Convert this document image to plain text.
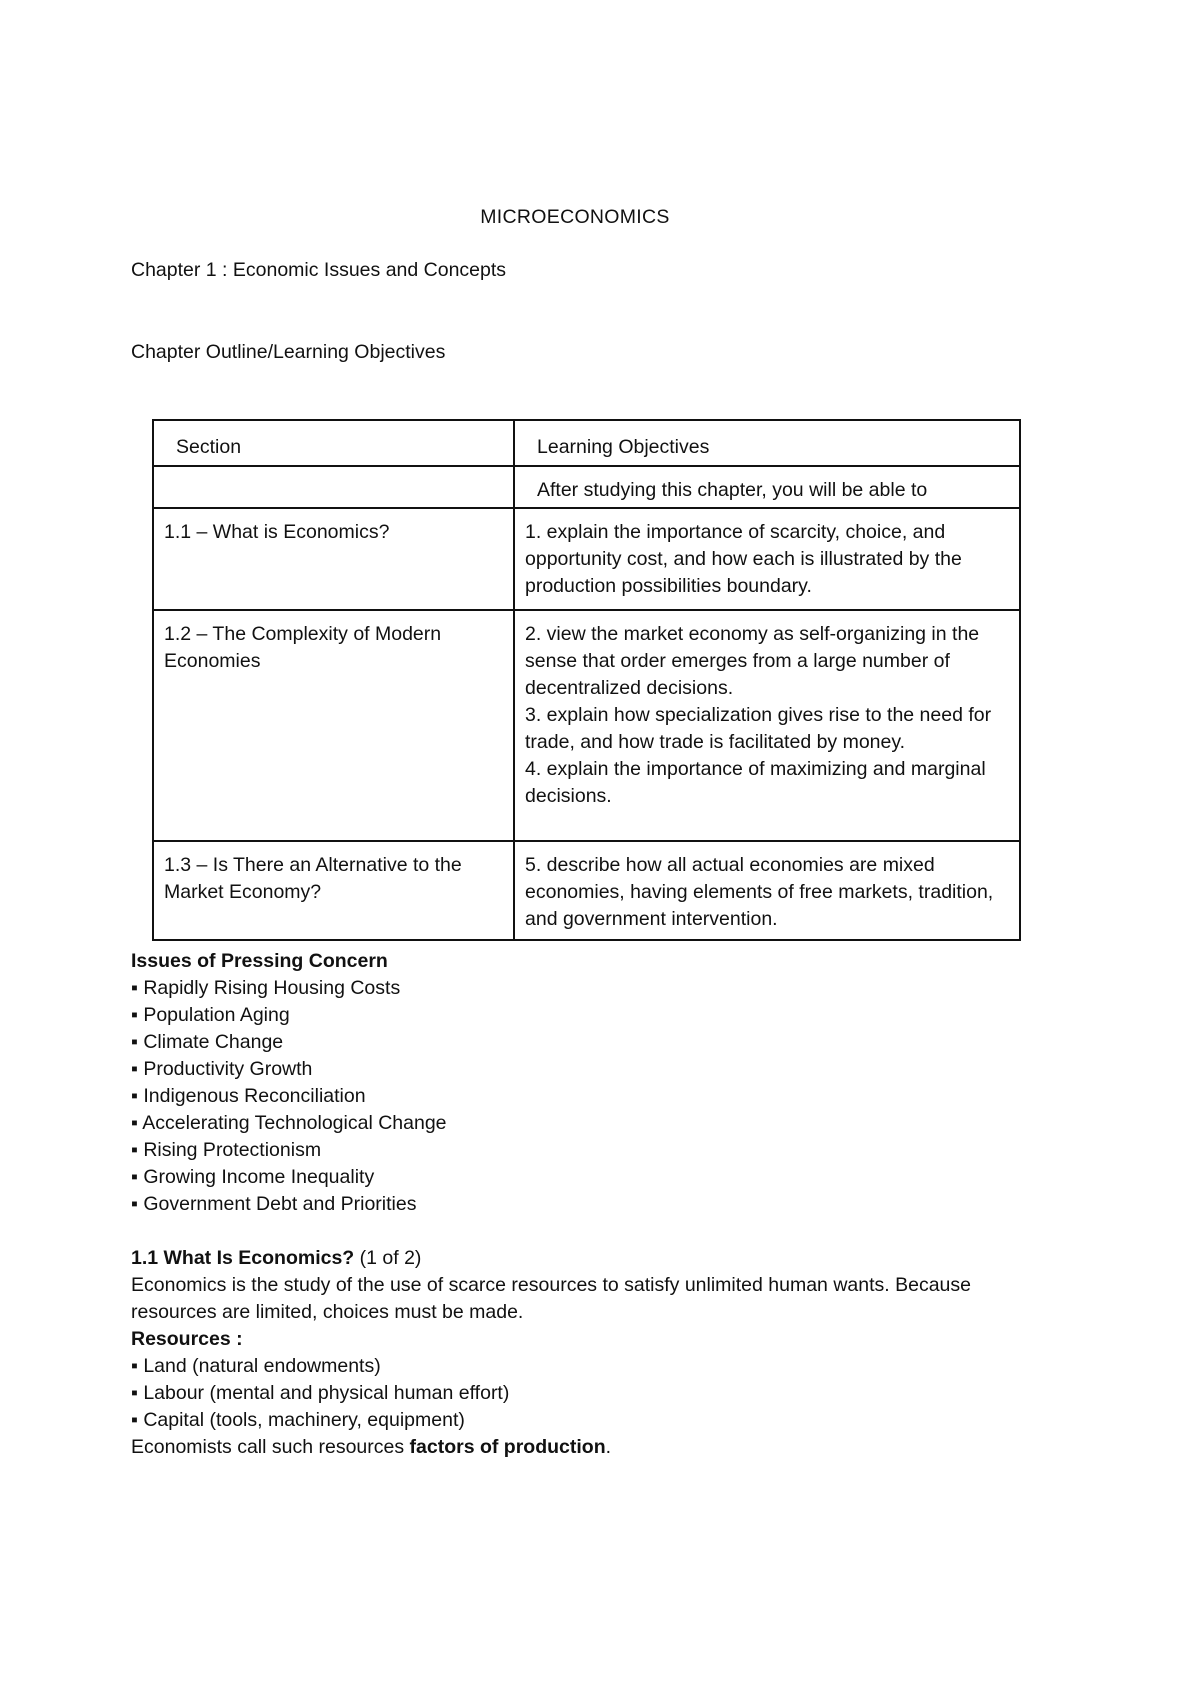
MICROECONOMICS
Chapter 1 : Economic Issues and Concepts
Chapter Outline/Learning Objectives
Section	Learning Objectives

	After studying this chapter, you will be able to

1.1 – What is Economics?	1. explain the importance of scarcity, choice, and opportunity cost, and how each is illustrated by the production possibilities boundary.

1.2 – The Complexity of Modern Economies	2. view the market economy as self-organizing in the sense that order emerges from a large number of decentralized decisions.
3. explain how specialization gives rise to the need for trade, and how trade is facilitated by money.
4. explain the importance of maximizing and marginal decisions.

1.3 – Is There an Alternative to the Market Economy?	5. describe how all actual economies are mixed economies, having elements of free markets, tradition, and government intervention.
Issues of Pressing Concern
▪ Rapidly Rising Housing Costs
▪ Population Aging
▪ Climate Change
▪ Productivity Growth
▪ Indigenous Reconciliation
▪ Accelerating Technological Change
▪ Rising Protectionism
▪ Growing Income Inequality
▪ Government Debt and Priorities
1.1 What Is Economics? (1 of 2)
Economics is the study of the use of scarce resources to satisfy unlimited human wants. Because resources are limited, choices must be made.
Resources :
▪ Land (natural endowments)
▪ Labour (mental and physical human effort)
▪ Capital (tools, machinery, equipment)
Economists call such resources factors of production.
